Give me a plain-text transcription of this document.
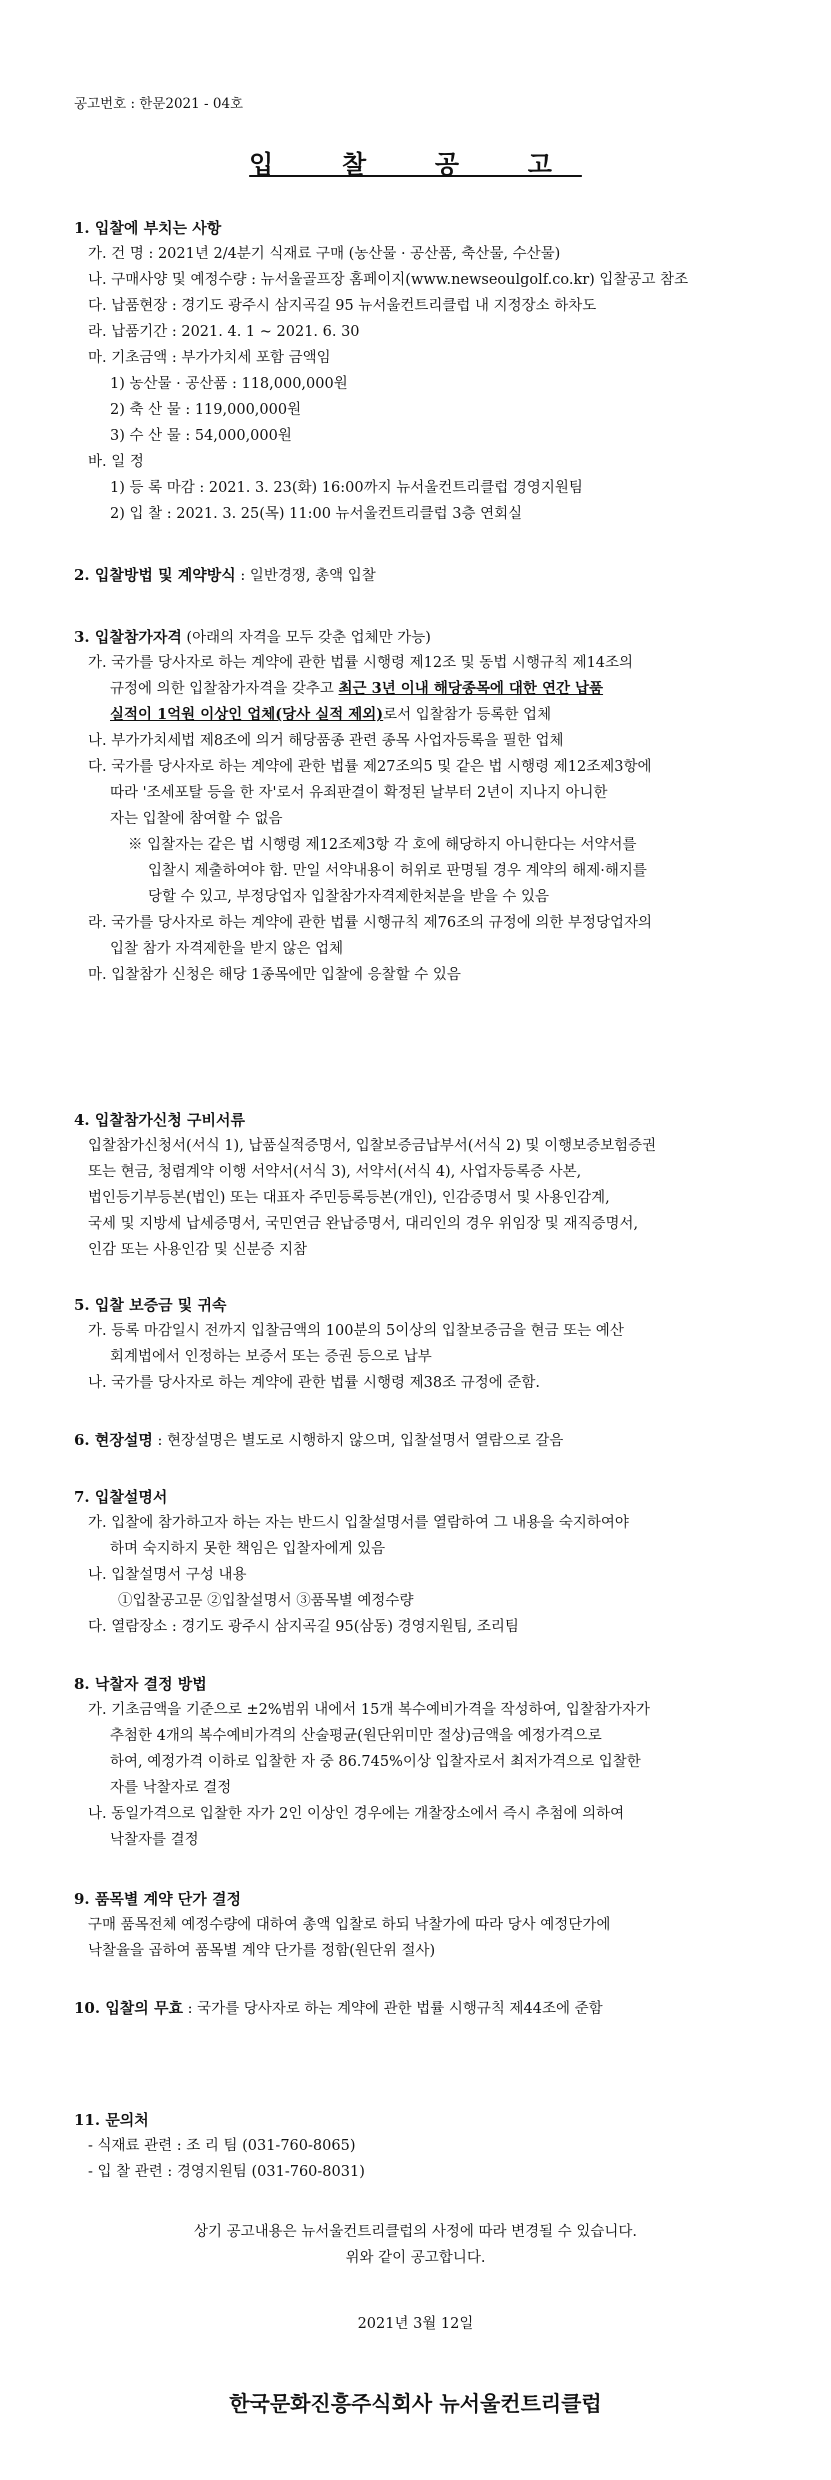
공고번호 : 한문2021 - 04호
입 찰 공 고
1. 입찰에 부치는 사항
가. 건 명 : 2021년 2/4분기 식재료 구매 (농산물 · 공산품, 축산물, 수산물)
나. 구매사양 및 예정수량 : 뉴서울골프장 홈페이지(www.newseoulgolf.co.kr) 입찰공고 참조
다. 납품현장 : 경기도 광주시 삼지곡길 95 뉴서울컨트리클럽 내 지정장소 하차도
라. 납품기간 : 2021. 4. 1 ~ 2021. 6. 30
마. 기초금액 : 부가가치세 포함 금액임
1) 농산물 · 공산품 : 118,000,000원
2) 축 산 물 : 119,000,000원
3) 수 산 물 : 54,000,000원
바. 일 정
1) 등 록 마감 : 2021. 3. 23(화) 16:00까지 뉴서울컨트리클럽 경영지원팀
2) 입 찰 : 2021. 3. 25(목) 11:00 뉴서울컨트리클럽 3층 연회실
2. 입찰방법 및 계약방식 : 일반경쟁, 총액 입찰
3. 입찰참가자격 (아래의 자격을 모두 갖춘 업체만 가능)
가. 국가를 당사자로 하는 계약에 관한 법률 시행령 제12조 및 동법 시행규칙 제14조의
규정에 의한 입찰참가자격을 갖추고 최근 3년 이내 해당종목에 대한 연간 납품
실적이 1억원 이상인 업체(당사 실적 제외)로서 입찰참가 등록한 업체
나. 부가가치세법 제8조에 의거 해당품종 관련 종목 사업자등록을 필한 업체
다. 국가를 당사자로 하는 계약에 관한 법률 제27조의5 및 같은 법 시행령 제12조제3항에
따라 '조세포탈 등을 한 자'로서 유죄판결이 확정된 날부터 2년이 지나지 아니한
자는 입찰에 참여할 수 없음
※ 입찰자는 같은 법 시행령 제12조제3항 각 호에 해당하지 아니한다는 서약서를
입찰시 제출하여야 함. 만일 서약내용이 허위로 판명될 경우 계약의 해제·해지를
당할 수 있고, 부정당업자 입찰참가자격제한처분을 받을 수 있음
라. 국가를 당사자로 하는 계약에 관한 법률 시행규칙 제76조의 규정에 의한 부정당업자의
입찰 참가 자격제한을 받지 않은 업체
마. 입찰참가 신청은 해당 1종목에만 입찰에 응찰할 수 있음
4. 입찰참가신청 구비서류
입찰참가신청서(서식 1), 납품실적증명서, 입찰보증금납부서(서식 2) 및 이행보증보험증권
또는 현금, 청렴계약 이행 서약서(서식 3), 서약서(서식 4), 사업자등록증 사본,
법인등기부등본(법인) 또는 대표자 주민등록등본(개인), 인감증명서 및 사용인감계,
국세 및 지방세 납세증명서, 국민연금 완납증명서, 대리인의 경우 위임장 및 재직증명서,
인감 또는 사용인감 및 신분증 지참
5. 입찰 보증금 및 귀속
가. 등록 마감일시 전까지 입찰금액의 100분의 5이상의 입찰보증금을 현금 또는 예산
회계법에서 인정하는 보증서 또는 증권 등으로 납부
나. 국가를 당사자로 하는 계약에 관한 법률 시행령 제38조 규정에 준함.
6. 현장설명 : 현장설명은 별도로 시행하지 않으며, 입찰설명서 열람으로 갈음
7. 입찰설명서
가. 입찰에 참가하고자 하는 자는 반드시 입찰설명서를 열람하여 그 내용을 숙지하여야
하며 숙지하지 못한 책임은 입찰자에게 있음
나. 입찰설명서 구성 내용
①입찰공고문 ②입찰설명서 ③품목별 예정수량
다. 열람장소 : 경기도 광주시 삼지곡길 95(삼동) 경영지원팀, 조리팀
8. 낙찰자 결정 방법
가. 기초금액을 기준으로 ±2%범위 내에서 15개 복수예비가격을 작성하여, 입찰참가자가
추첨한 4개의 복수예비가격의 산술평균(원단위미만 절상)금액을 예정가격으로
하여, 예정가격 이하로 입찰한 자 중 86.745%이상 입찰자로서 최저가격으로 입찰한
자를 낙찰자로 결정
나. 동일가격으로 입찰한 자가 2인 이상인 경우에는 개찰장소에서 즉시 추첨에 의하여
낙찰자를 결정
9. 품목별 계약 단가 결정
구매 품목전체 예정수량에 대하여 총액 입찰로 하되 낙찰가에 따라 당사 예정단가에
낙찰율을 곱하여 품목별 계약 단가를 정함(원단위 절사)
10. 입찰의 무효 : 국가를 당사자로 하는 계약에 관한 법률 시행규칙 제44조에 준함
11. 문의처
- 식재료 관련 : 조 리 팀 (031-760-8065)
- 입 찰 관련 : 경영지원팀 (031-760-8031)
상기 공고내용은 뉴서울컨트리클럽의 사정에 따라 변경될 수 있습니다.
위와 같이 공고합니다.
2021년 3월 12일
한국문화진흥주식회사 뉴서울컨트리클럽
